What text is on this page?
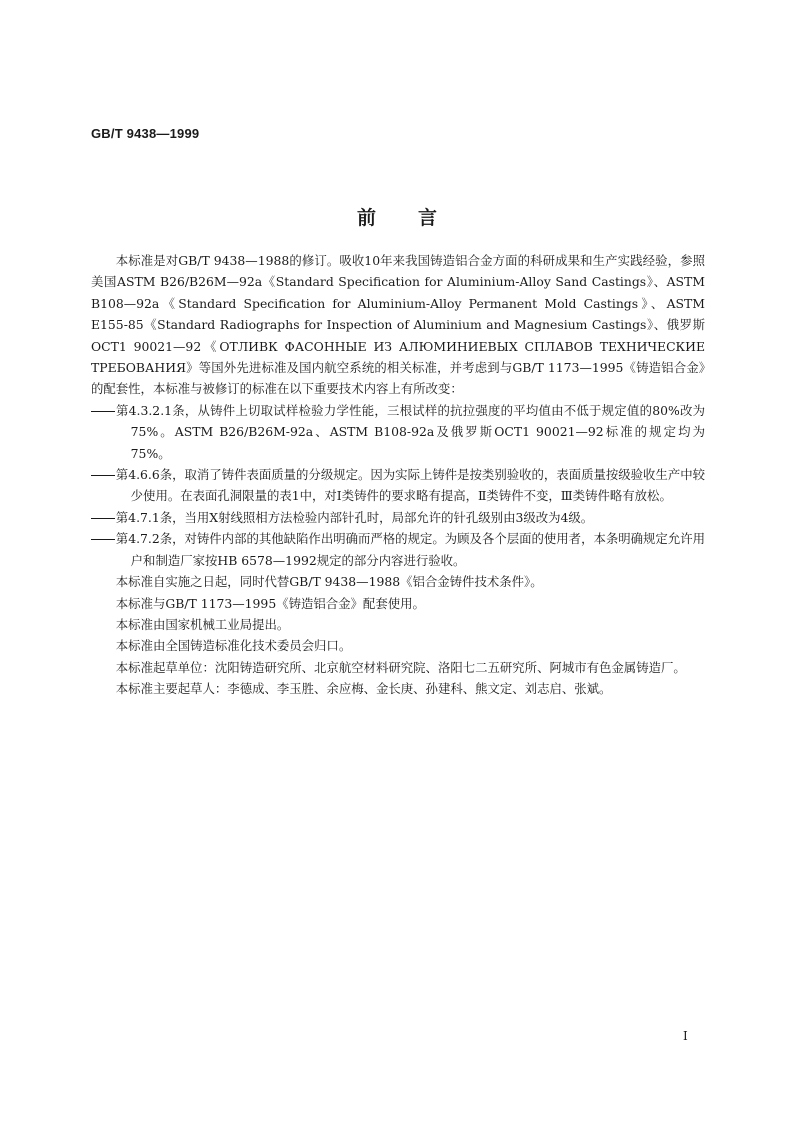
GB/T 9438—1999
前言

本标准是对GB/T 9438—1988的修订。吸收10年来我国铸造铝合金方面的科研成果和生产实践经验，参照美国ASTM B26/B26M—92a《Standard Specification for Aluminium-Alloy Sand Castings》、ASTM B108—92a《Standard Specification for Aluminium-Alloy Permanent Mold Castings》、ASTM E155-85《Standard Radiographs for Inspection of Aluminium and Magnesium Castings》、俄罗斯OCT1 90021—92《ОТЛИВК ФАСОННЫЕ ИЗ АЛЮМИНИЕВЫХ СПЛАВОВ ТЕХНИЧЕСКИЕ ТРЕБОВАНИЯ》等国外先进标准及国内航空系统的相关标准，并考虑到与GB/T 1173—1995《铸造铝合金》的配套性，本标准与被修订的标准在以下重要技术内容上有所改变：

第4.3.2.1条，从铸件上切取试样检验力学性能，三根试样的抗拉强度的平均值由不低于规定值的80%改为75%。ASTM B26/B26M-92a、ASTM B108-92a及俄罗斯OCT1 90021—92标准的规定均为75%。

第4.6.6条，取消了铸件表面质量的分级规定。因为实际上铸件是按类别验收的，表面质量按级验收生产中较少使用。在表面孔洞限量的表1中，对Ⅰ类铸件的要求略有提高，Ⅱ类铸件不变，Ⅲ类铸件略有放松。

第4.7.1条，当用X射线照相方法检验内部针孔时，局部允许的针孔级别由3级改为4级。

第4.7.2条，对铸件内部的其他缺陷作出明确而严格的规定。为顾及各个层面的使用者，本条明确规定允许用户和制造厂家按HB 6578—1992规定的部分内容进行验收。

本标准自实施之日起，同时代替GB/T 9438—1988《铝合金铸件技术条件》。

本标准与GB/T 1173—1995《铸造铝合金》配套使用。

本标准由国家机械工业局提出。

本标准由全国铸造标准化技术委员会归口。

本标准起草单位：沈阳铸造研究所、北京航空材料研究院、洛阳七二五研究所、阿城市有色金属铸造厂。

本标准主要起草人：李德成、李玉胜、余应梅、金长庚、孙建科、熊文定、刘志启、张斌。

I
